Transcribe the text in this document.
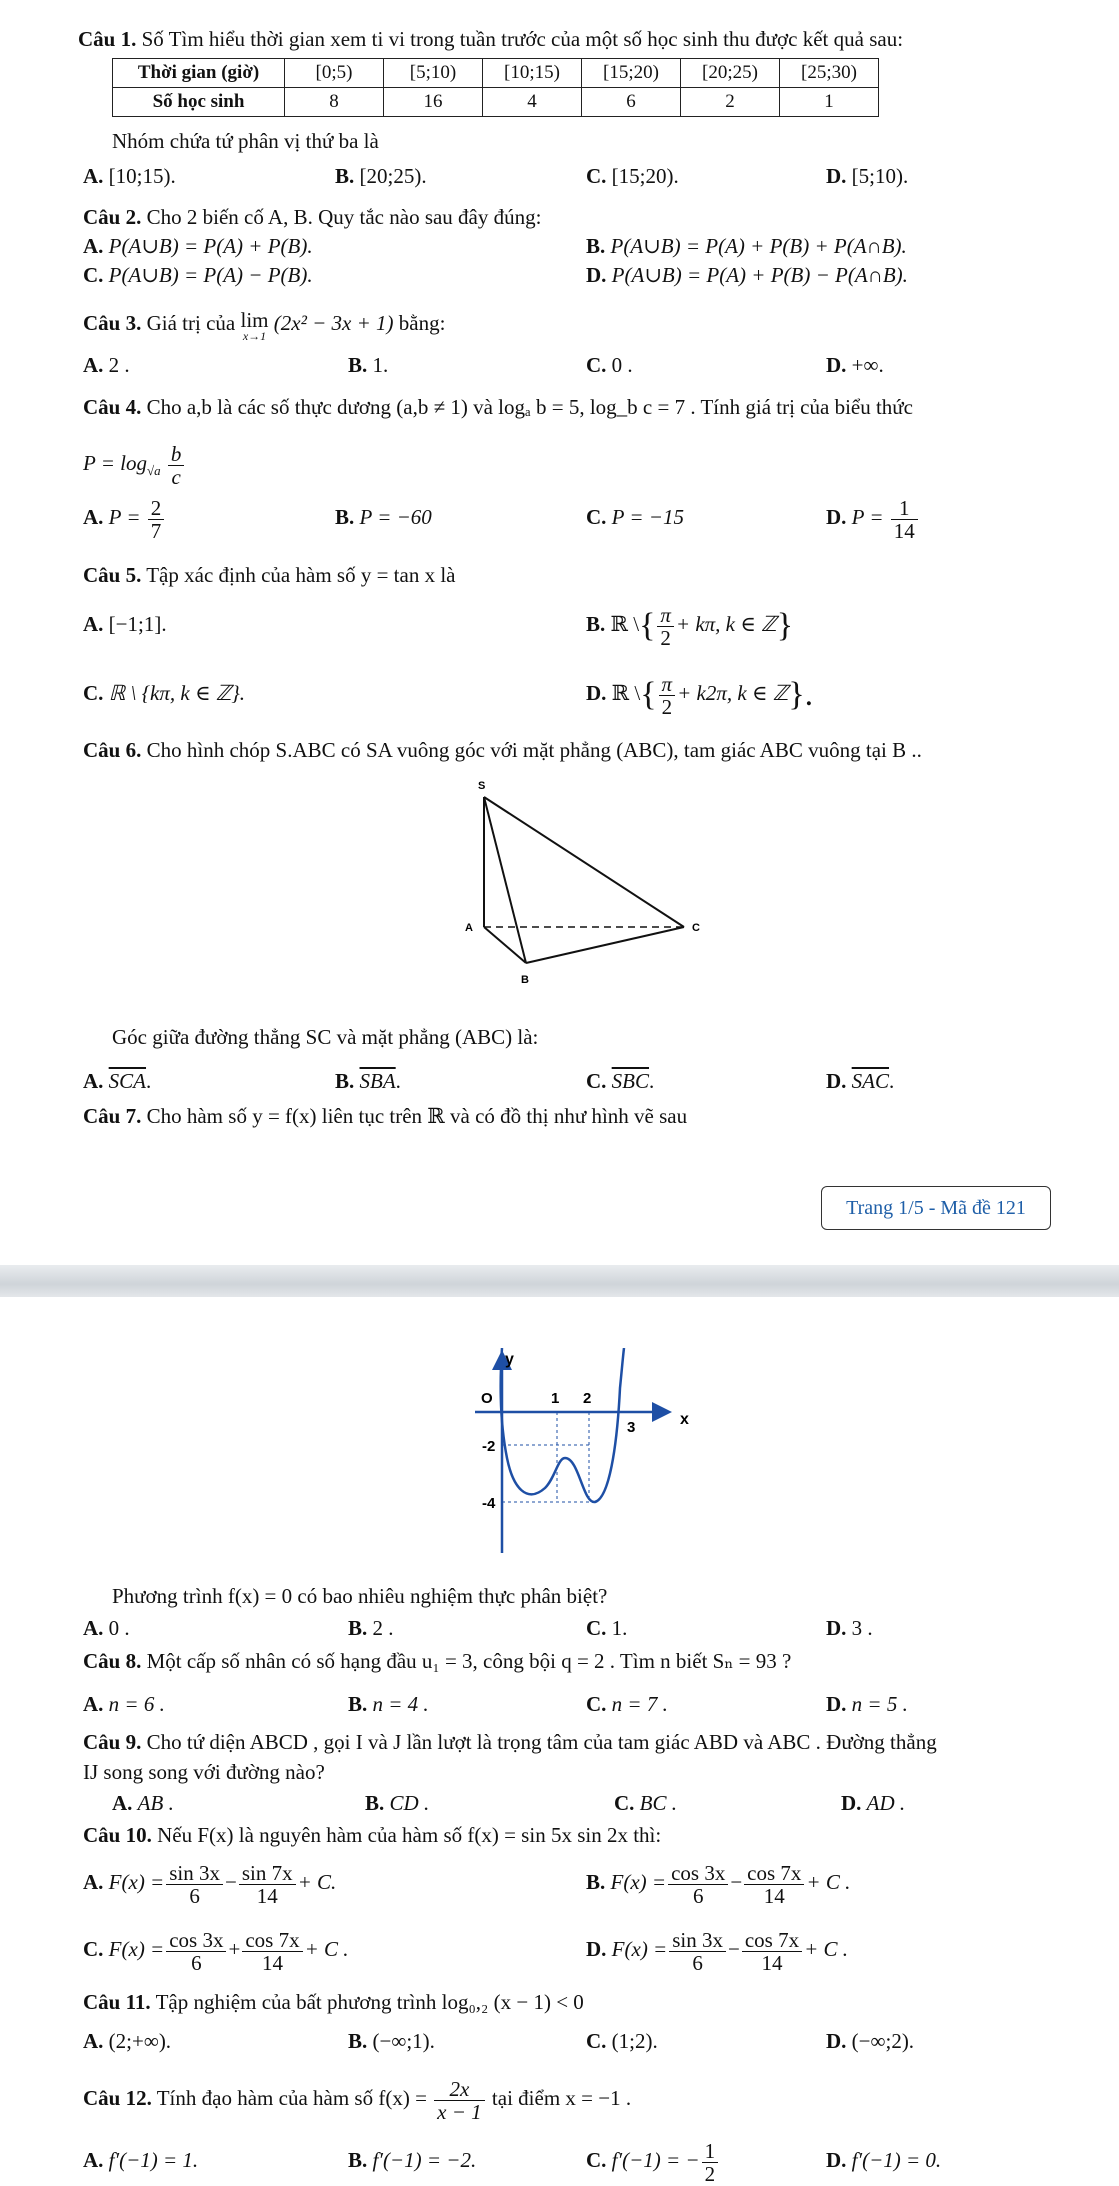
Câu 1. Số Tìm hiểu thời gian xem ti vi trong tuần trước của một số học sinh thu được kết quả sau:
Thời gian (giờ)	[0;5)	[5;10)	[10;15)	[15;20)	[20;25)	[25;30)
Số học sinh	8	16	4	6	2	1
Nhóm chứa tứ phân vị thứ ba là
A. [10;15).	B. [20;25).	C. [15;20).	D. [5;10).
Câu 2. Cho 2 biến cố A, B. Quy tắc nào sau đây đúng:
A. P(A∪B) = P(A) + P(B).	B. P(A∪B) = P(A) + P(B) + P(A∩B).
C. P(A∪B) = P(A) − P(B).	D. P(A∪B) = P(A) + P(B) − P(A∩B).
Câu 3. Giá trị của lim
x→1
(2x² − 3x + 1) bằng:
A. 2 .	B. 1.	C. 0 .	D. +∞.
Câu 4. Cho a,b là các số thực dương (a,b ≠ 1) và logₐ b = 5, log_b c = 7 . Tính giá trị của biểu thức
$P = \log_{√a} \frac{b}{c}$
A. $P = \frac{2}{7}$	B. P = −60	C. P = −15	D. $P = \frac{1}{14}$
Câu 5. Tập xác định của hàm số y = tan x là
A. [−1;1].	B. ℝ \{ $\frac{\pi}{2} + k\pi$, k ∈ ℤ}
C. ℝ \ {kπ, k ∈ ℤ}.	D. ℝ \{ $\frac{\pi}{2} + k2\pi$, k ∈ ℤ}.
Câu 6. Cho hình chóp S.ABC có SA vuông góc với mặt phẳng (ABC), tam giác ABC vuông tại B ..
S
A	C
B
Góc giữa đường thẳng SC và mặt phẳng (ABC) là:
A. $\overline{SCA}$.	B. $\overline{SBA}$.	C. $\overline{SBC}$.	D. $\overline{SAC}$.
Câu 7. Cho hàm số y = f(x) liên tục trên ℝ và có đồ thị như hình vẽ sau
Trang 1/5 - Mã đề 121
y
x
O	1 2
3
-2
-4
Phương trình f(x) = 0 có bao nhiêu nghiệm thực phân biệt?
A. 0 .	B. 2 .	C. 1.	D. 3 .
Câu 8. Một cấp số nhân có số hạng đầu u₁ = 3, công bội q = 2 . Tìm n biết Sₙ = 93 ?
A. n = 6 .	B. n = 4 .	C. n = 7 .	D. n = 5 .
Câu 9. Cho tứ diện ABCD , gọi I và J lần lượt là trọng tâm của tam giác ABD và ABC . Đường thẳng
IJ song song với đường nào?
A. AB .	B. CD .	C. BC .	D. AD .
Câu 10. Nếu F(x) là nguyên hàm của hàm số f(x) = sin 5x sin 2x thì:
A. $F(x) = \frac{\sin 3x}{6} - \frac{\sin 7x}{14} + C$.	B. $F(x) = \frac{\cos 3x}{6} - \frac{\cos 7x}{14} + C$ .
C. $F(x) = \frac{\cos 3x}{6} + \frac{\cos 7x}{14} + C$ .	D. $F(x) = \frac{\sin 3x}{6} - \frac{\cos 7x}{14} + C$ .
Câu 11. Tập nghiệm của bất phương trình log₀,₂ (x − 1) < 0
A. (2;+∞).	B. (−∞;1).	C. (1;2).	D. (−∞;2).
Câu 12. Tính đạo hàm của hàm số $f(x) = \frac{2x}{x - 1}$ tại điểm x = −1 .
A. f′(−1) = 1.	B. f′(−1) = −2.	C. f′(−1) = − $\frac{1}{2}$	D. f′(−1) = 0.
